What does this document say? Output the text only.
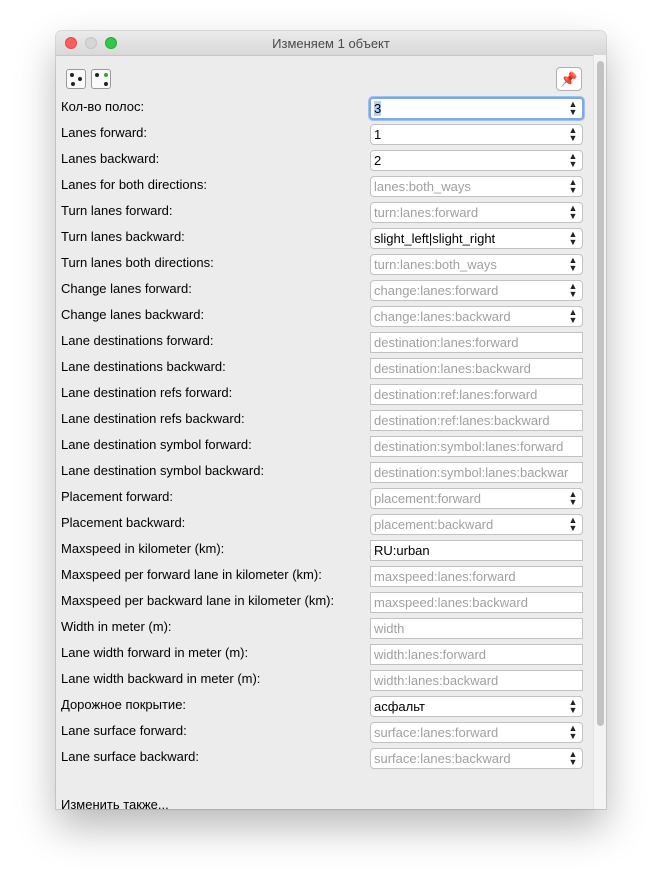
Изменяем 1 объект
📌
Кол-во полос:	3	▲
▼
Lanes forward:	1	▲
▼
Lanes backward:	2	▲
▼
Lanes for both directions:	lanes:both_ways	▲
▼
Turn lanes forward:	turn:lanes:forward	▲
▼
Turn lanes backward:	slight_left|slight_right	▲
▼
Turn lanes both directions:	turn:lanes:both_ways	▲
▼
Change lanes forward:	change:lanes:forward	▲
▼
Change lanes backward:	change:lanes:backward	▲
▼
Lane destinations forward:	destination:lanes:forward
Lane destinations backward:	destination:lanes:backward
Lane destination refs forward:	destination:ref:lanes:forward
Lane destination refs backward:	destination:ref:lanes:backward
Lane destination symbol forward:	destination:symbol:lanes:forward
Lane destination symbol backward:	destination:symbol:lanes:backwar
Placement forward:	placement:forward	▲
▼
Placement backward:	placement:backward	▲
▼
Maxspeed in kilometer (km):	RU:urban
Maxspeed per forward lane in kilometer (km):	maxspeed:lanes:forward
Maxspeed per backward lane in kilometer (km):	maxspeed:lanes:backward
Width in meter (m):	width
Lane width forward in meter (m):	width:lanes:forward
Lane width backward in meter (m):	width:lanes:backward
Дорожное покрытие:	асфальт	▲
▼
Lane surface forward:	surface:lanes:forward	▲
▼
Lane surface backward:	surface:lanes:backward	▲
▼
Изменить также...
